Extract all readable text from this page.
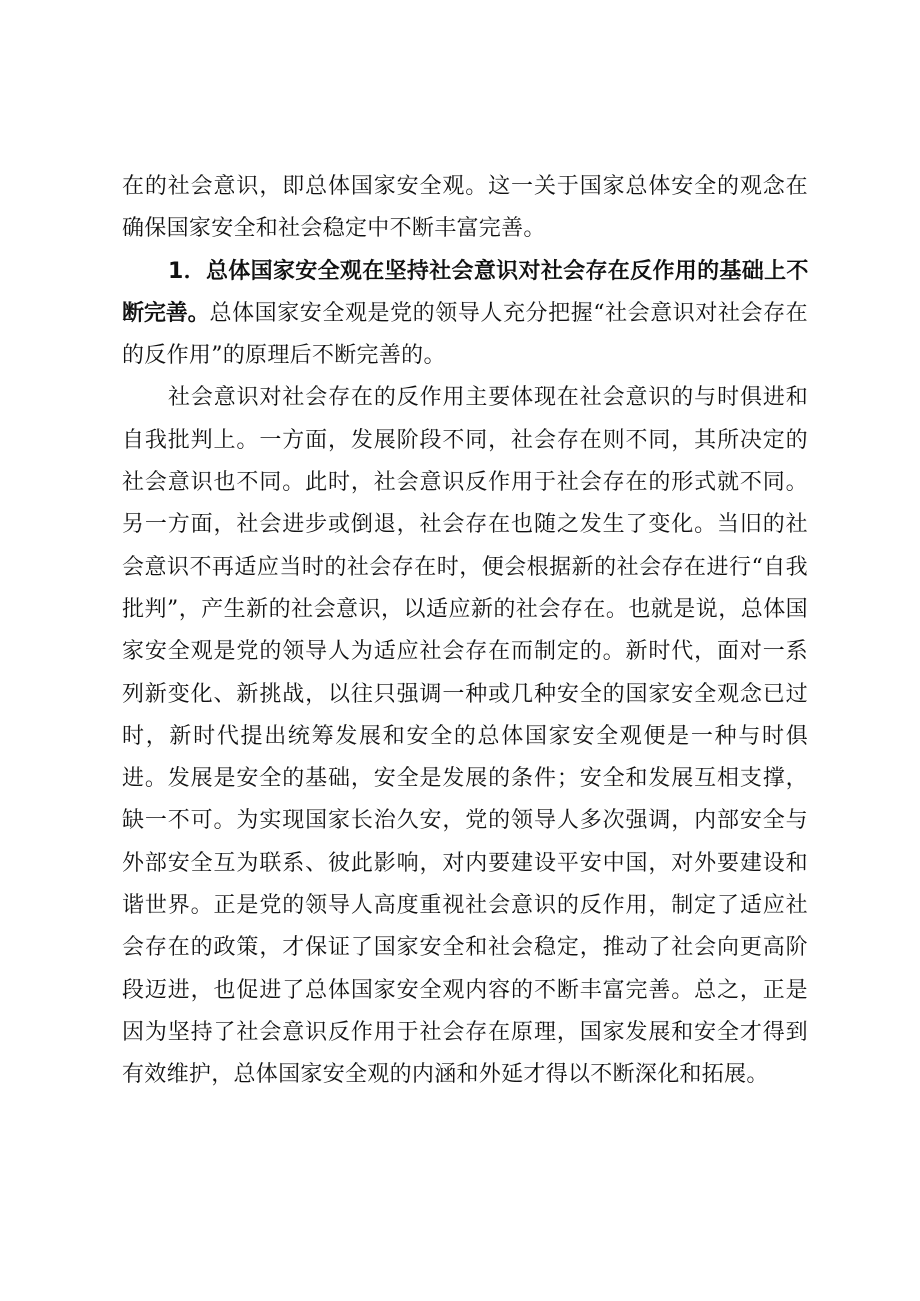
在的社会意识，即总体国家安全观。这一关于国家总体安全的观念在确保国家安全和社会稳定中不断丰富完善。

1．总体国家安全观在坚持社会意识对社会存在反作用的基础上不断完善。总体国家安全观是党的领导人充分把握“社会意识对社会存在的反作用”的原理后不断完善的。

社会意识对社会存在的反作用主要体现在社会意识的与时俱进和自我批判上。一方面，发展阶段不同，社会存在则不同，其所决定的社会意识也不同。此时，社会意识反作用于社会存在的形式就不同。另一方面，社会进步或倒退，社会存在也随之发生了变化。当旧的社会意识不再适应当时的社会存在时，便会根据新的社会存在进行“自我批判”，产生新的社会意识，以适应新的社会存在。也就是说，总体国家安全观是党的领导人为适应社会存在而制定的。新时代，面对一系列新变化、新挑战，以往只强调一种或几种安全的国家安全观念已过时，新时代提出统筹发展和安全的总体国家安全观便是一种与时俱进。发展是安全的基础，安全是发展的条件；安全和发展互相支撑，缺一不可。为实现国家长治久安，党的领导人多次强调，内部安全与外部安全互为联系、彼此影响，对内要建设平安中国，对外要建设和谐世界。正是党的领导人高度重视社会意识的反作用，制定了适应社会存在的政策，才保证了国家安全和社会稳定，推动了社会向更高阶段迈进，也促进了总体国家安全观内容的不断丰富完善。总之，正是因为坚持了社会意识反作用于社会存在原理，国家发展和安全才得到有效维护，总体国家安全观的内涵和外延才得以不断深化和拓展。
